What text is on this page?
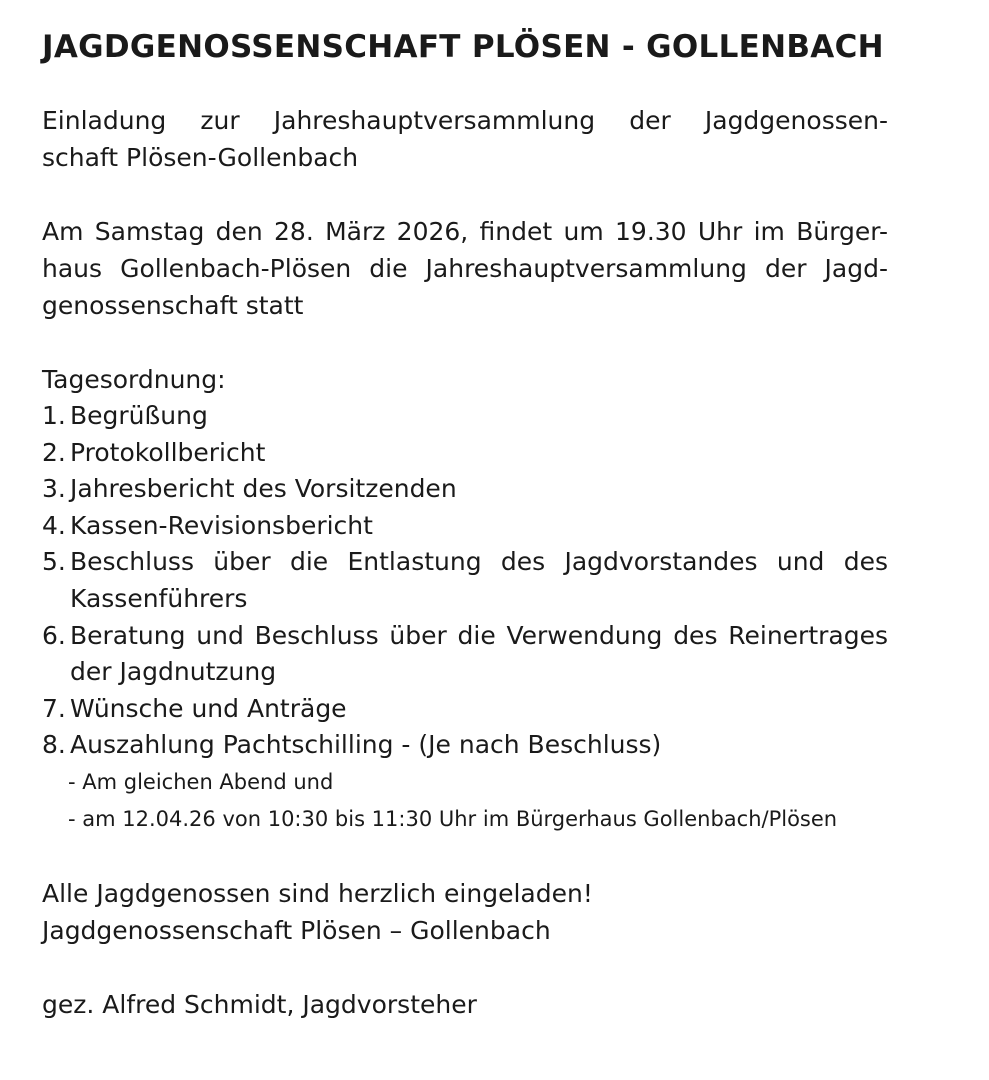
JAGDGENOSSENSCHAFT PLÖSEN - GOLLENBACH
Einladung zur Jahreshauptversammlung der Jagdgenossen-
schaft Plösen-Gollenbach
Am Samstag den 28. März 2026, findet um 19.30 Uhr im Bürger-
haus Gollenbach-Plösen die Jahreshauptversammlung der Jagd-
genossenschaft statt
Tagesordnung:
1. Begrüßung
2. Protokollbericht
3. Jahresbericht des Vorsitzenden
4. Kassen-Revisionsbericht
5. Beschluss über die Entlastung des Jagdvorstandes und des Kassenführers
6. Beratung und Beschluss über die Verwendung des Reinertrages der Jagdnutzung
7. Wünsche und Anträge
8. Auszahlung Pachtschilling - (Je nach Beschluss)
- Am gleichen Abend und
- am 12.04.26 von 10:30 bis 11:30 Uhr im Bürgerhaus Gollenbach/Plösen
Alle Jagdgenossen sind herzlich eingeladen!
Jagdgenossenschaft Plösen – Gollenbach
gez. Alfred Schmidt, Jagdvorsteher
